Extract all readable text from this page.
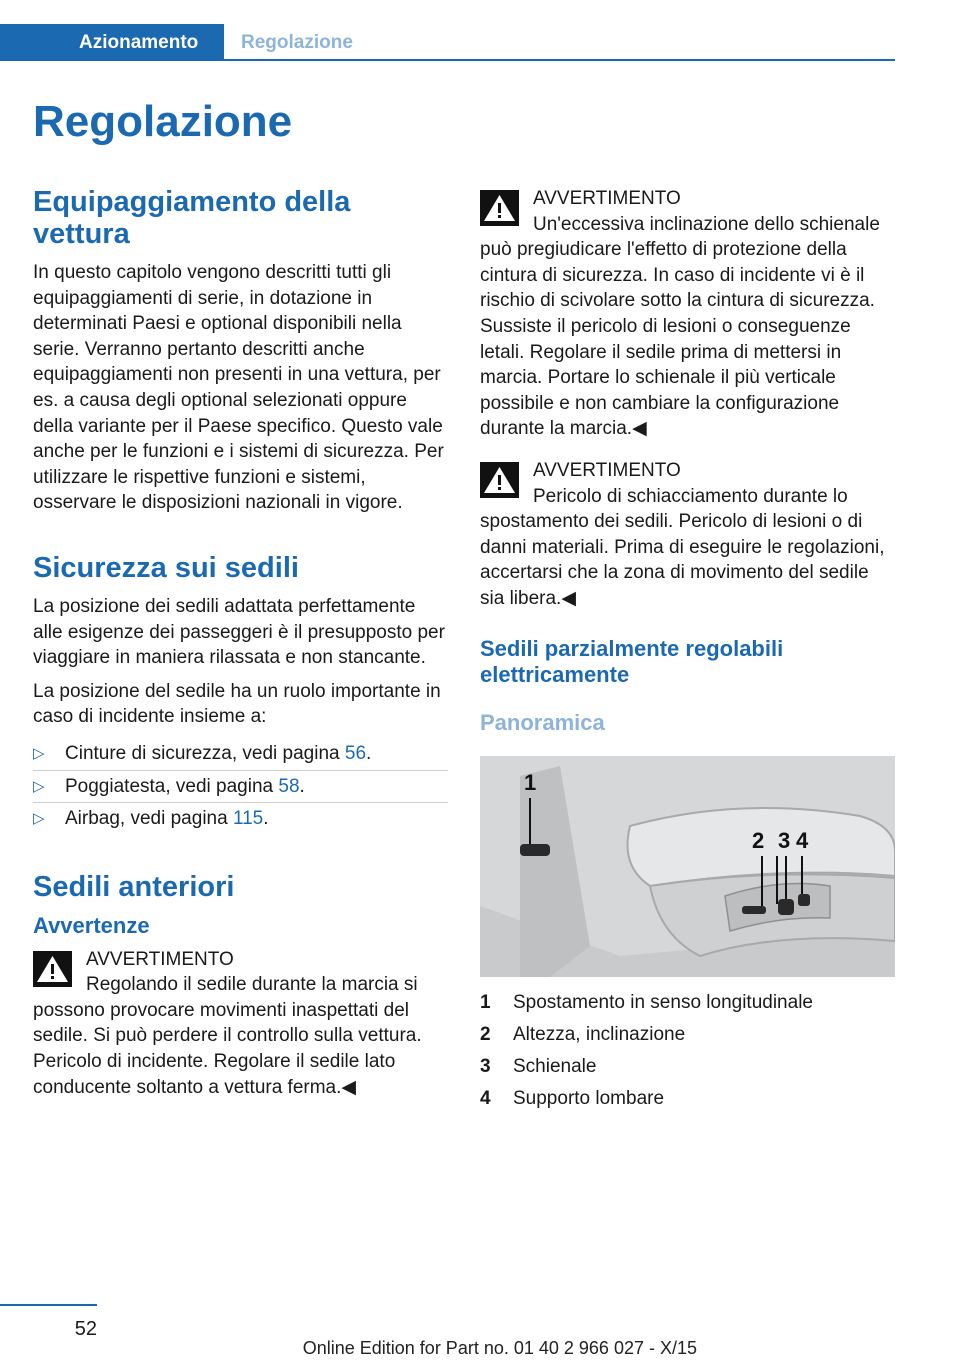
Azionamento	Regolazione
Regolazione
Equipaggiamento della vettura

In questo capitolo vengono descritti tutti gli equipaggiamenti di serie, in dotazione in determinati Paesi e optional disponibili nella serie. Verranno pertanto descritti anche equipaggiamenti non presenti in una vettura, per es. a causa degli optional selezionati oppure della variante per il Paese specifico. Questo vale anche per le funzioni e i sistemi di sicurezza. Per utilizzare le rispettive funzioni e sistemi, osservare le disposizioni nazionali in vigore.

Sicurezza sui sedili

La posizione dei sedili adattata perfettamente alle esigenze dei passeggeri è il presupposto per viaggiare in maniera rilassata e non stancante.

La posizione del sedile ha un ruolo importante in caso di incidente insieme a:

▷ Cinture di sicurezza, vedi pagina 56.
▷ Poggiatesta, vedi pagina 58.
▷ Airbag, vedi pagina 115.
Sedili anteriori
Avvertenze

AVVERTIMENTO
Regolando il sedile durante la marcia si possono provocare movimenti inaspettati del sedile. Si può perdere il controllo sulla vettura. Pericolo di incidente. Regolare il sedile lato conducente soltanto a vettura ferma.◀

AVVERTIMENTO
Un'eccessiva inclinazione dello schienale può pregiudicare l'effetto di protezione della cintura di sicurezza. In caso di incidente vi è il rischio di scivolare sotto la cintura di sicurezza. Sussiste il pericolo di lesioni o conseguenze letali. Regolare il sedile prima di mettersi in marcia. Portare lo schienale il più verticale possibile e non cambiare la configurazione durante la marcia.◀

AVVERTIMENTO
Pericolo di schiacciamento durante lo spostamento dei sedili. Pericolo di lesioni o di danni materiali. Prima di eseguire le regolazioni, accertarsi che la zona di movimento del sedile sia libera.◀

Sedili parzialmente regolabili elettricamente
Panoramica
1
2 3 4
1 Spostamento in senso longitudinale
2 Altezza, inclinazione
3 Schienale
4 Supporto lombare
52
Online Edition for Part no. 01 40 2 966 027 - X/15
